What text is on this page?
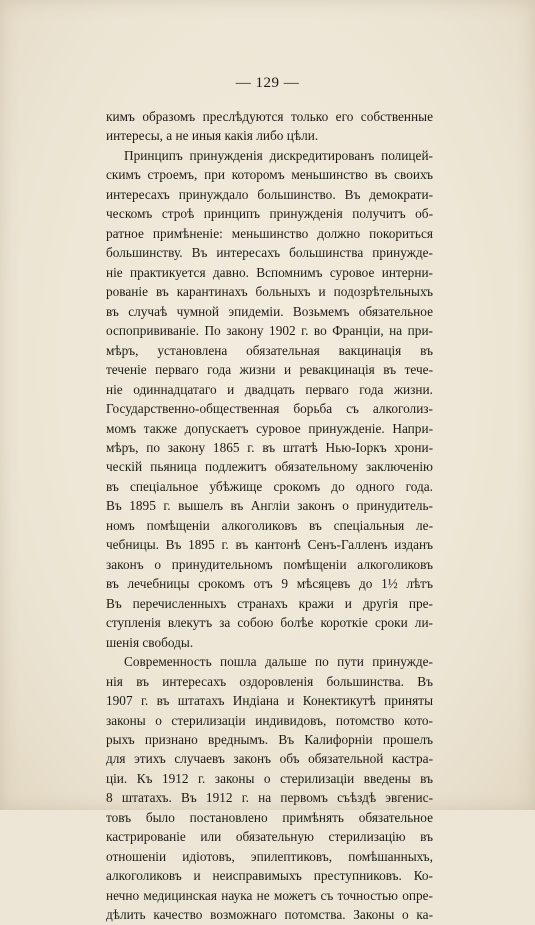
— 129 —
кимъ образомъ преслѣдуются только его собственные
интересы, а не иныя какія либо цѣли.
Принципъ принужденія дискредитированъ полицей-
скимъ строемъ, при которомъ меньшинство въ своихъ
интересахъ принуждало большинство. Въ демократи-
ческомъ строѣ принципъ принужденія получитъ об-
ратное примѣненіе: меньшинство должно покориться
большинству. Въ интересахъ большинства принужде-
ніе практикуется давно. Вспомнимъ суровое интерни-
рованіе въ карантинахъ больныхъ и подозрѣтельныхъ
въ случаѣ чумной эпидеміи. Возьмемъ обязательное
оспопрививаніе. По закону 1902 г. во Франціи, на при-
мѣръ, установлена обязательная вакцинація въ
теченіе перваго года жизни и ревакцинація въ тече-
ніе одиннадцатаго и двадцать перваго года жизни.
Государственно-общественная борьба съ алкоголиз-
момъ также допускаетъ суровое принужденіе. Напри-
мѣръ, по закону 1865 г. въ штатѣ Нью-Іоркъ хрони-
ческій пьяница подлежитъ обязательному заключенію
въ спеціальное убѣжище срокомъ до одного года.
Въ 1895 г. вышелъ въ Англіи законъ о принудитель-
номъ помѣщеніи алкоголиковъ въ спеціальныя ле-
чебницы. Въ 1895 г. въ кантонѣ Сенъ-Галленъ изданъ
законъ о принудительномъ помѣщеніи алкоголиковъ
въ лечебницы срокомъ отъ 9 мѣсяцевъ до 1½ лѣтъ
Въ перечисленныхъ странахъ кражи и другія пре-
ступленія влекутъ за собою болѣе короткіе сроки ли-
шенія свободы.
Современность пошла дальше по пути принужде-
нія въ интересахъ оздоровленія большинства. Въ
1907 г. въ штатахъ Индіана и Конектикутѣ приняты
законы о стерилизаціи индивидовъ, потомство кото-
рыхъ признано вреднымъ. Въ Калифорніи прошелъ
для этихъ случаевъ законъ объ обязательной кастра-
ціи. Къ 1912 г. законы о стерилизаціи введены въ
8 штатахъ. Въ 1912 г. на первомъ съѣздѣ эвгенис-
товъ было постановлено примѣнять обязательное
кастрированіе или обязательную стерилизацію въ
отношеніи идіотовъ, эпилептиковъ, помѣшанныхъ,
алкоголиковъ и неисправимыхъ преступниковъ. Ко-
нечно медицинская наука не можетъ съ точностью опре-
дѣлить качество возможнаго потомства. Законы о ка-
